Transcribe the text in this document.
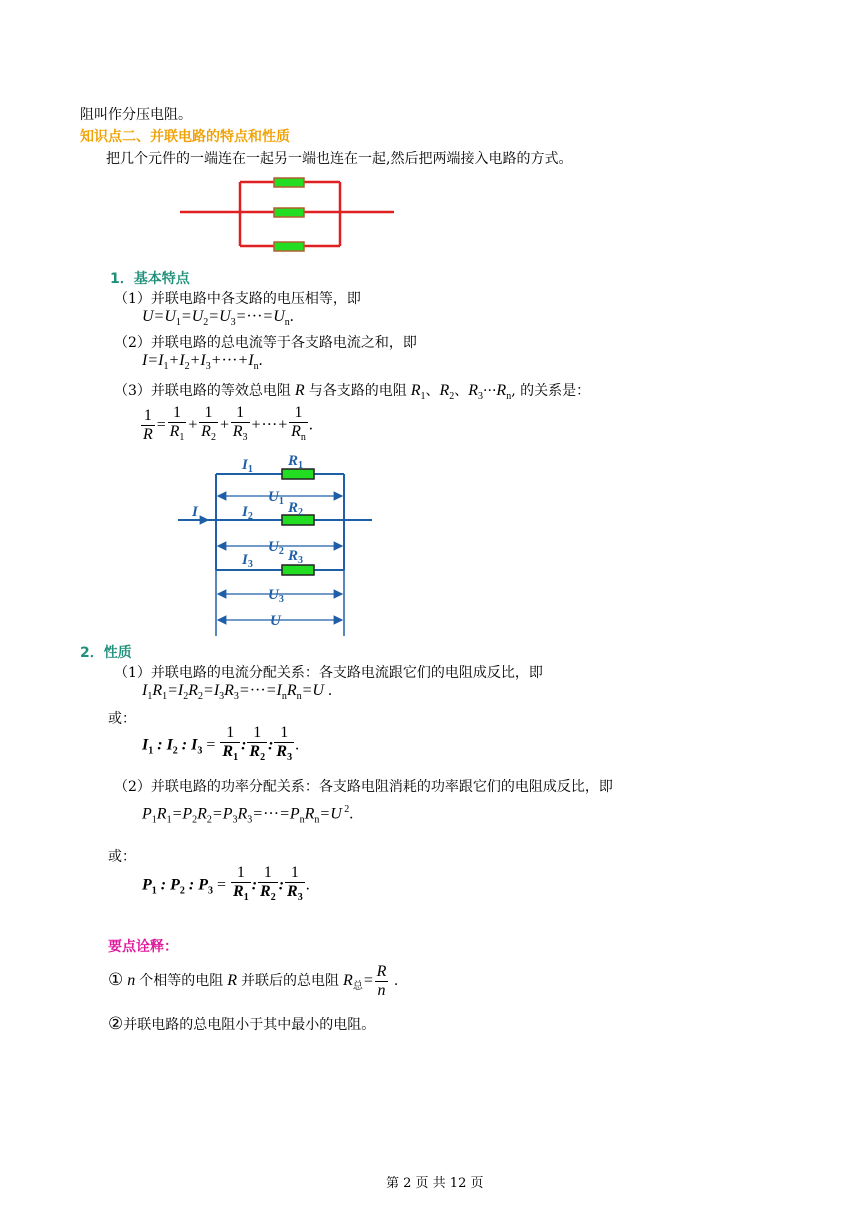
阻叫作分压电阻。
知识点二、并联电路的特点和性质
把几个元件的一端连在一起另一端也连在一起,然后把两端接入电路的方式。
1．基本特点
（1）并联电路中各支路的电压相等，即
$U=U_1=U_2=U_3=\cdot\cdot\cdot=U_n$.
（2）并联电路的总电流等于各支路电流之和，即
$I=I_1+I_2+I_3+\cdot\cdot\cdot+I_n$.
（3）并联电路的等效总电阻 R 与各支路的电阻 $R_1$、$R_2$、$R_3\cdot\cdot\cdot R_n$, 的关系是：
$\frac{1}{R} = \frac{1}{R_1} + \frac{1}{R_2} + \frac{1}{R_3}$ +···+ $\frac{1}{R_n}$ .
$I_1$
$R_1$
$U_1$
I	$I_2$
$R_2$
$U_2$
$I_3$
$R_3$
$U_3$
U
2．性质
（1）并联电路的电流分配关系：各支路电流跟它们的电阻成反比，即
$I_1R_1=I_2R_2=I_3R_3=\cdot\cdot\cdot=I_nR_n=U$ .
或：
$I_1$ : $I_2$ : $I_3 = \frac{1}{R_1}$ : $\frac{1}{R_2}$ : $\frac{1}{R_3}$ .
（2）并联电路的功率分配关系：各支路电阻消耗的功率跟它们的电阻成反比，即
$P_1R_1=P_2R_2=P_3R_3=\cdot\cdot\cdot=P_nR_n=U$ $^2$.
或：
$P_1$ : $P_2$ : $P_3 = \frac{1}{R_1}$ : $\frac{1}{R_2}$ : $\frac{1}{R_3}$ .
要点诠释：
① n 个相等的电阻 R 并联后的总电阻 $R_总= \frac{R}{n}$ .
②并联电路的总电阻小于其中最小的电阻。
第 2 页 共 12 页
